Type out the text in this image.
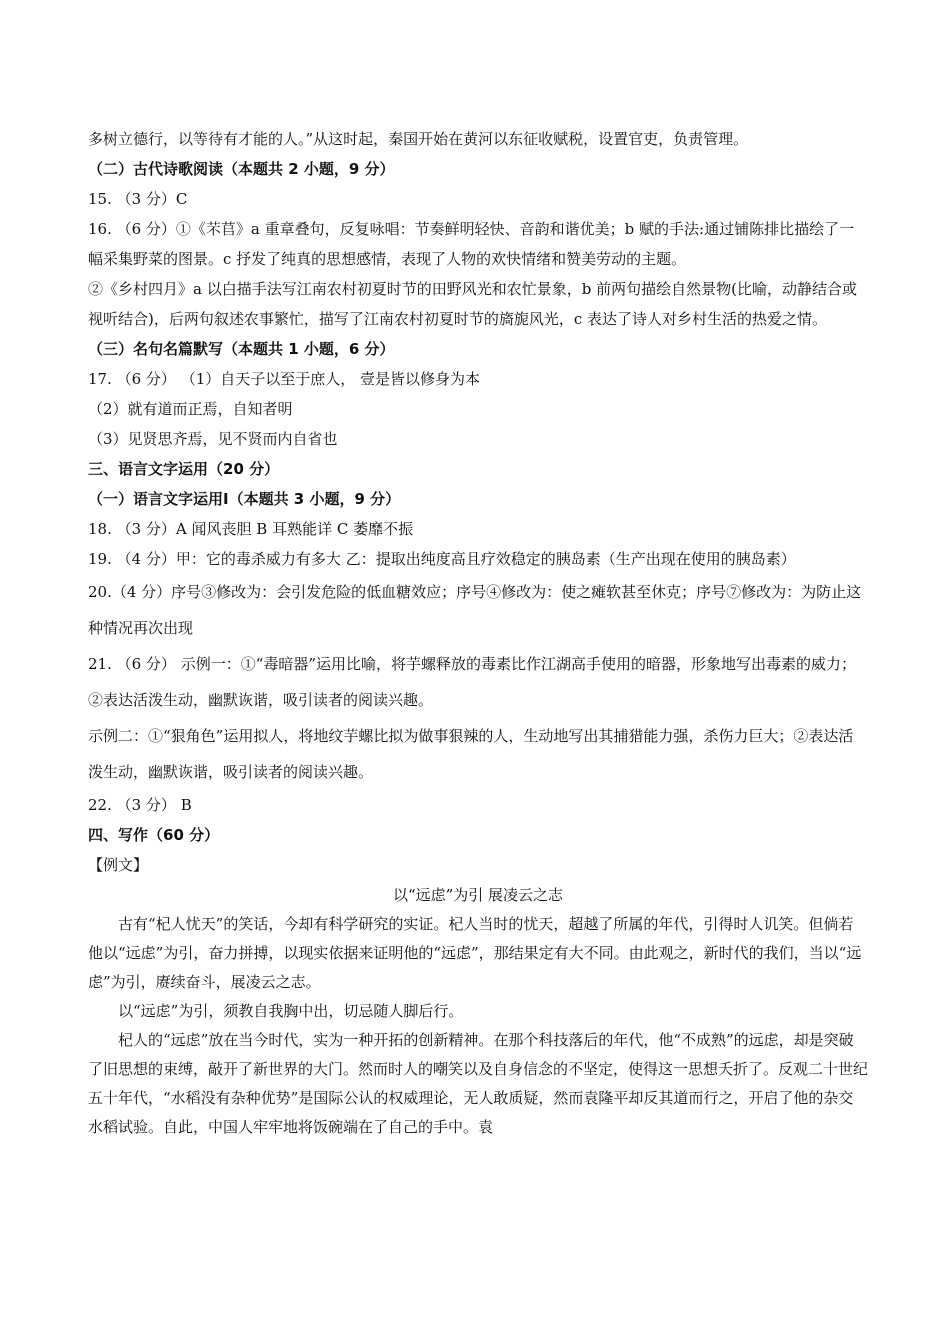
多树立德行，以等待有才能的人。”从这时起，秦国开始在黄河以东征收赋税，设置官吏，负责管理。

（二）古代诗歌阅读（本题共 2 小题，9 分）

15. （3 分）C

16. （6 分）①《芣苢》a 重章叠句，反复咏唱：节奏鲜明轻快、音韵和谐优美；b 赋的手法:通过铺陈排比描绘了一幅采集野菜的图景。c 抒发了纯真的思想感情，表现了人物的欢快情绪和赞美劳动的主题。

②《乡村四月》a 以白描手法写江南农村初夏时节的田野风光和农忙景象，b 前两句描绘自然景物(比喻，动静结合或视听结合)，后两句叙述农事繁忙，描写了江南农村初夏时节的旖旎风光，c 表达了诗人对乡村生活的热爱之情。

（三）名句名篇默写（本题共 1 小题，6 分）

17. （6 分） （1）自天子以至于庶人， 壹是皆以修身为本

（2）就有道而正焉，自知者明

（3）见贤思齐焉，见不贤而内自省也

三、语言文字运用（20 分）

（一）语言文字运用Ⅰ（本题共 3 小题，9 分）

18. （3 分）A 闻风丧胆 B 耳熟能详 C 萎靡不振

19. （4 分）甲：它的毒杀威力有多大 乙：提取出纯度高且疗效稳定的胰岛素（生产出现在使用的胰岛素）

20.（4 分）序号③修改为：会引发危险的低血糖效应；序号④修改为：使之瘫软甚至休克；序号⑦修改为：为防止这种情况再次出现

21. （6 分） 示例一：①“毒暗器”运用比喻，将芋螺释放的毒素比作江湖高手使用的暗器，形象地写出毒素的威力；②表达活泼生动，幽默诙谐，吸引读者的阅读兴趣。

示例二：①“狠角色”运用拟人，将地纹芋螺比拟为做事狠辣的人，生动地写出其捕猎能力强，杀伤力巨大；②表达活泼生动，幽默诙谐，吸引读者的阅读兴趣。

22. （3 分） B

四、写作（60 分）

【例文】

以“远虑”为引 展凌云之志

古有“杞人忧天”的笑话，今却有科学研究的实证。杞人当时的忧天，超越了所属的年代，引得时人讥笑。但倘若他以“远虑”为引，奋力拼搏，以现实依据来证明他的“远虑”，那结果定有大不同。由此观之，新时代的我们，当以“远虑”为引，赓续奋斗，展凌云之志。

以“远虑”为引，须教自我胸中出，切忌随人脚后行。

杞人的“远虑”放在当今时代，实为一种开拓的创新精神。在那个科技落后的年代，他“不成熟”的远虑，却是突破了旧思想的束缚，敲开了新世界的大门。然而时人的嘲笑以及自身信念的不坚定，使得这一思想夭折了。反观二十世纪五十年代，“水稻没有杂种优势”是国际公认的权威理论，无人敢质疑，然而袁隆平却反其道而行之，开启了他的杂交水稻试验。自此，中国人牢牢地将饭碗端在了自己的手中。袁
